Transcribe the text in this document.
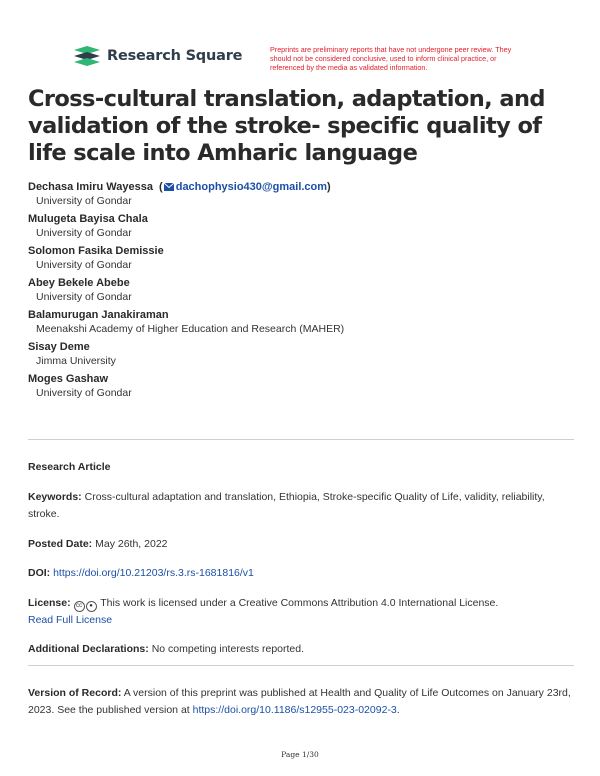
Research Square	Preprints are preliminary reports that have not undergone peer review. They should not be considered conclusive, used to inform clinical practice, or referenced by the media as validated information.
Cross-cultural translation, adaptation, and validation of the stroke- specific quality of life scale into Amharic language
Dechasa Imiru Wayessa  ( dachophysio430@gmail.com)
University of Gondar
Mulugeta Bayisa Chala
University of Gondar
Solomon Fasika Demissie
University of Gondar
Abey Bekele Abebe
University of Gondar
Balamurugan Janakiraman
Meenakshi Academy of Higher Education and Research (MAHER)
Sisay Deme
Jimma University
Moges Gashaw
University of Gondar

Research Article

Keywords: Cross-cultural adaptation and translation, Ethiopia, Stroke-specific Quality of Life, validity, reliability, stroke.

Posted Date: May 26th, 2022

DOI: https://doi.org/10.21203/rs.3.rs-1681816/v1

License: cc ● This work is licensed under a Creative Commons Attribution 4.0 International License.
Read Full License

Additional Declarations: No competing interests reported.

Version of Record: A version of this preprint was published at Health and Quality of Life Outcomes on January 23rd, 2023. See the published version at https://doi.org/10.1186/s12955-023-02092-3.

Page 1/30
